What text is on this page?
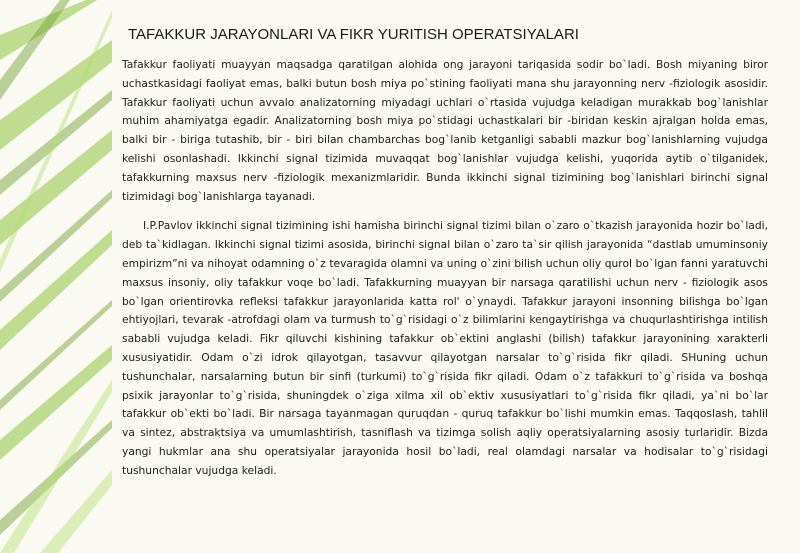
TAFAKKUR JARAYONLARI VA FIKR YURITISH OPERATSIYALARI

Tafakkur faoliyati muayyan maqsadga qaratilgan alohida ong jarayoni tariqasida sodir bo`ladi. Bosh miyaning biror uchastkasidagi faoliyat emas, balki butun bosh miya po`stining faoliyati mana shu jarayonning nerv -fiziologik asosidir. Tafakkur faoliyati uchun avvalo analizatorning miyadagi uchlari o`rtasida vujudga keladigan murakkab bog`lanishlar muhim ahamiyatga egadir. Analizatorning bosh miya po`stidagi uchastkalari bir -biridan keskin ajralgan holda emas, balki bir - biriga tutashib, bir - biri bilan chambarchas bog`lanib ketganligi sababli mazkur bog`lanishlarning vujudga kelishi osonlashadi. Ikkinchi signal tizimida muvaqqat bog`lanishlar vujudga kelishi, yuqorida aytib o`tilganidek, tafakkurning maxsus nerv -fiziologik mexanizmlaridir. Bunda ikkinchi signal tizimining bog`lanishlari birinchi signal tizimidagi bog`lanishlarga tayanadi.

I.P.Pavlov ikkinchi signal tizimining ishi hamisha birinchi signal tizimi bilan o`zaro o`tkazish jarayonida hozir bo`ladi, deb ta`kidlagan. Ikkinchi signal tizimi asosida, birinchi signal bilan o`zaro ta`sir qilish jarayonida “dastlab umuminsoniy empirizm”ni va nihoyat odamning o`z tevaragida olamni va uning o`zini bilish uchun oliy qurol bo`lgan fanni yaratuvchi maxsus insoniy, oliy tafakkur voqe bo`ladi. Tafakkurning muayyan bir narsaga qaratilishi uchun nerv - fiziologik asos bo`lgan orientirovka refleksi tafakkur jarayonlarida katta rol' o`ynaydi. Tafakkur jarayoni insonning bilishga bo`lgan ehtiyojlari, tevarak -atrofdagi olam va turmush to`g`risidagi o`z bilimlarini kengaytirishga va chuqurlashtirishga intilish sababli vujudga keladi. Fikr qiluvchi kishining tafakkur ob`ektini anglashi (bilish) tafakkur jarayonining xarakterli xususiyatidir. Odam o`zi idrok qilayotgan, tasavvur qilayotgan narsalar to`g`risida fikr qiladi. SHuning uchun tushunchalar, narsalarning butun bir sinfi (turkumi) to`g`risida fikr qiladi. Odam o`z tafakkuri to`g`risida va boshqa psixik jarayonlar to`g`risida, shuningdek o`ziga xilma xil ob`ektiv xususiyatlari to`g`risida fikr qiladi, ya`ni bo`lar tafakkur ob`ekti bo`ladi. Bir narsaga tayanmagan quruqdan - quruq tafakkur bo`lishi mumkin emas. Taqqoslash, tahlil va sintez, abstraktsiya va umumlashtirish, tasniflash va tizimga solish aqliy operatsiyalarning asosiy turlaridir. Bizda yangi hukmlar ana shu operatsiyalar jarayonida hosil bo`ladi, real olamdagi narsalar va hodisalar to`g`risidagi tushunchalar vujudga keladi.
